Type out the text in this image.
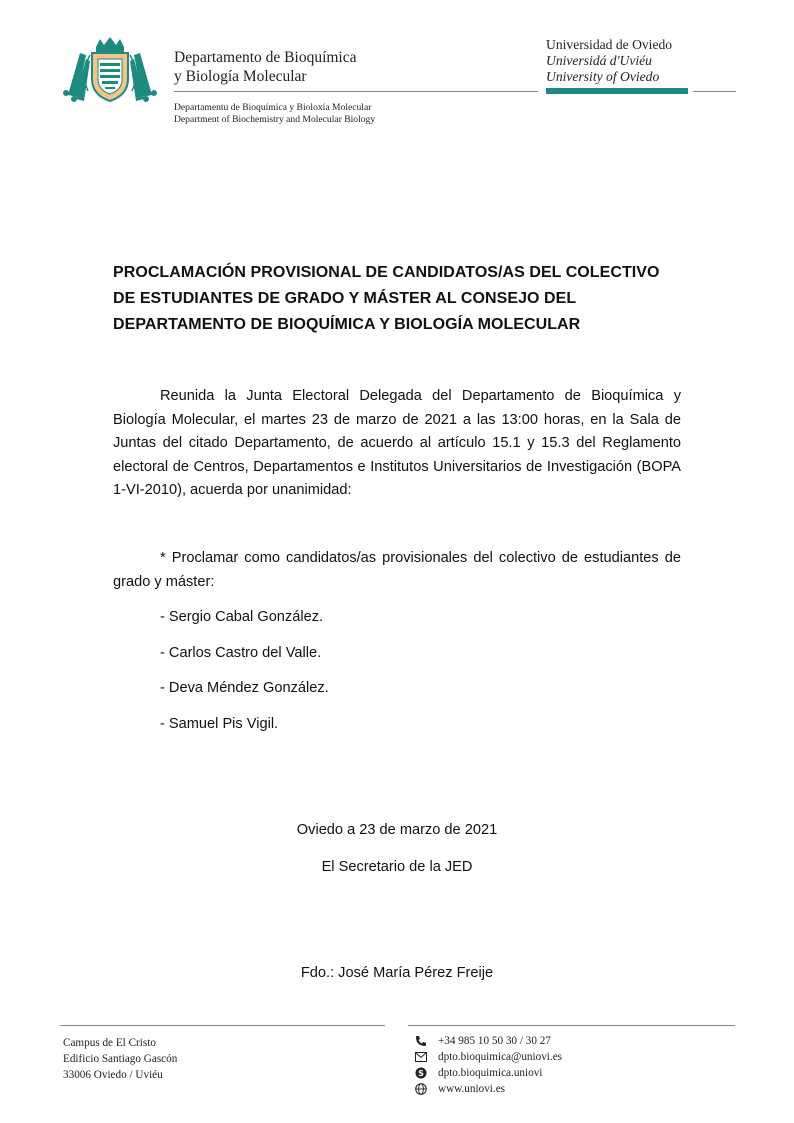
Departamento de Bioquímica
y Biología Molecular
Departamentu de Bioquímica y Bioloxía Molecular
Department of Biochemistry and Molecular Biology
Universidad de Oviedo
Universidá d'Uviéu
University of Oviedo
PROCLAMACIÓN PROVISIONAL DE CANDIDATOS/AS DEL COLECTIVO DE ESTUDIANTES DE GRADO Y MÁSTER AL CONSEJO DEL DEPARTAMENTO DE BIOQUÍMICA Y BIOLOGÍA MOLECULAR
Reunida la Junta Electoral Delegada del Departamento de Bioquímica y Biología Molecular, el martes 23 de marzo de 2021 a las 13:00 horas, en la Sala de Juntas del citado Departamento, de acuerdo al artículo 15.1 y 15.3 del Reglamento electoral de Centros, Departamentos e Institutos Universitarios de Investigación (BOPA 1-VI-2010), acuerda por unanimidad:
* Proclamar como candidatos/as provisionales del colectivo de estudiantes de grado y máster:
- Sergio Cabal González.
- Carlos Castro del Valle.
- Deva Méndez González.
- Samuel Pis Vigil.
Oviedo a 23 de marzo de 2021
El Secretario de la JED
Fdo.: José María Pérez Freije
Campus de El Cristo
Edificio Santiago Gascón
33006 Oviedo / Uviéu
+34 985 10 50 30 / 30 27
dpto.bioquimica@uniovi.es
S dpto.bioquimica.uniovi
www.uniovi.es
